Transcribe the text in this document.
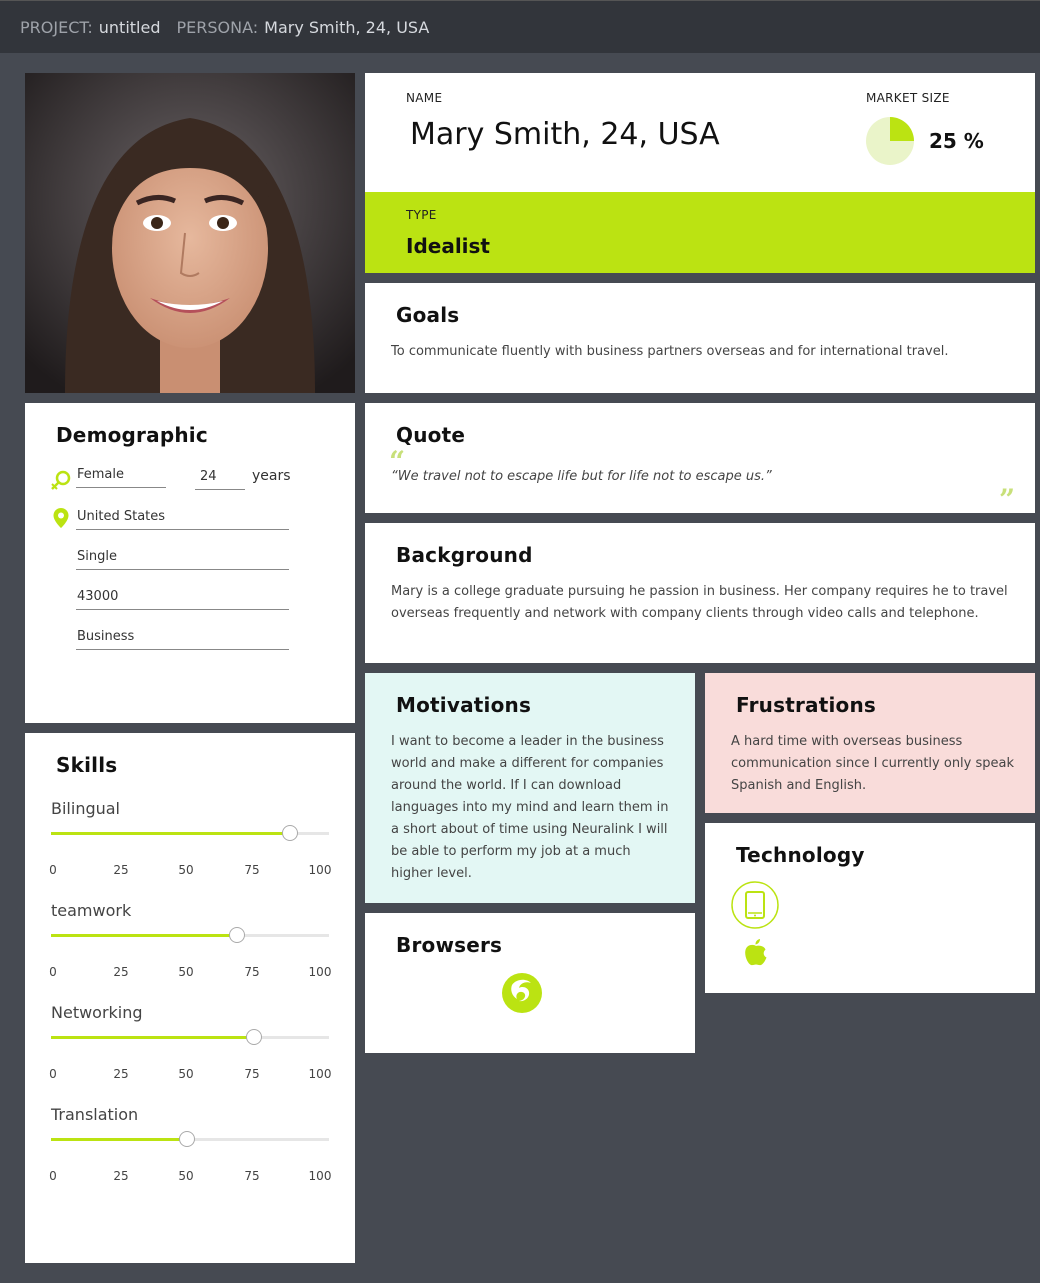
PROJECT: untitled PERSONA: Mary Smith, 24, USA
NAME
Mary Smith, 24, USA
MARKET SIZE
25 %
TYPE
Idealist
Goals

To communicate fluently with business partners overseas and for international travel.

Quote
“

“We travel not to escape life but for life not to escape us.”

”
Background

Mary is a college graduate pursuing he passion in business. Her company requires he to travel overseas frequently and network with company clients through video calls and telephone.

Motivations

I want to become a leader in the business world and make a different for companies around the world. If I can download languages into my mind and learn them in a short about of time using Neuralink I will be able to perform my job at a much higher level.

Frustrations

A hard time with overseas business communication since I currently only speak Spanish and English.

Technology
Browsers
Demographic
Female	24	years
United States
Single
43000
Business
Skills
Bilingual
0	25	50	75	100
teamwork
0	25	50	75	100
Networking
0	25	50	75	100
Translation
0	25	50	75	100
